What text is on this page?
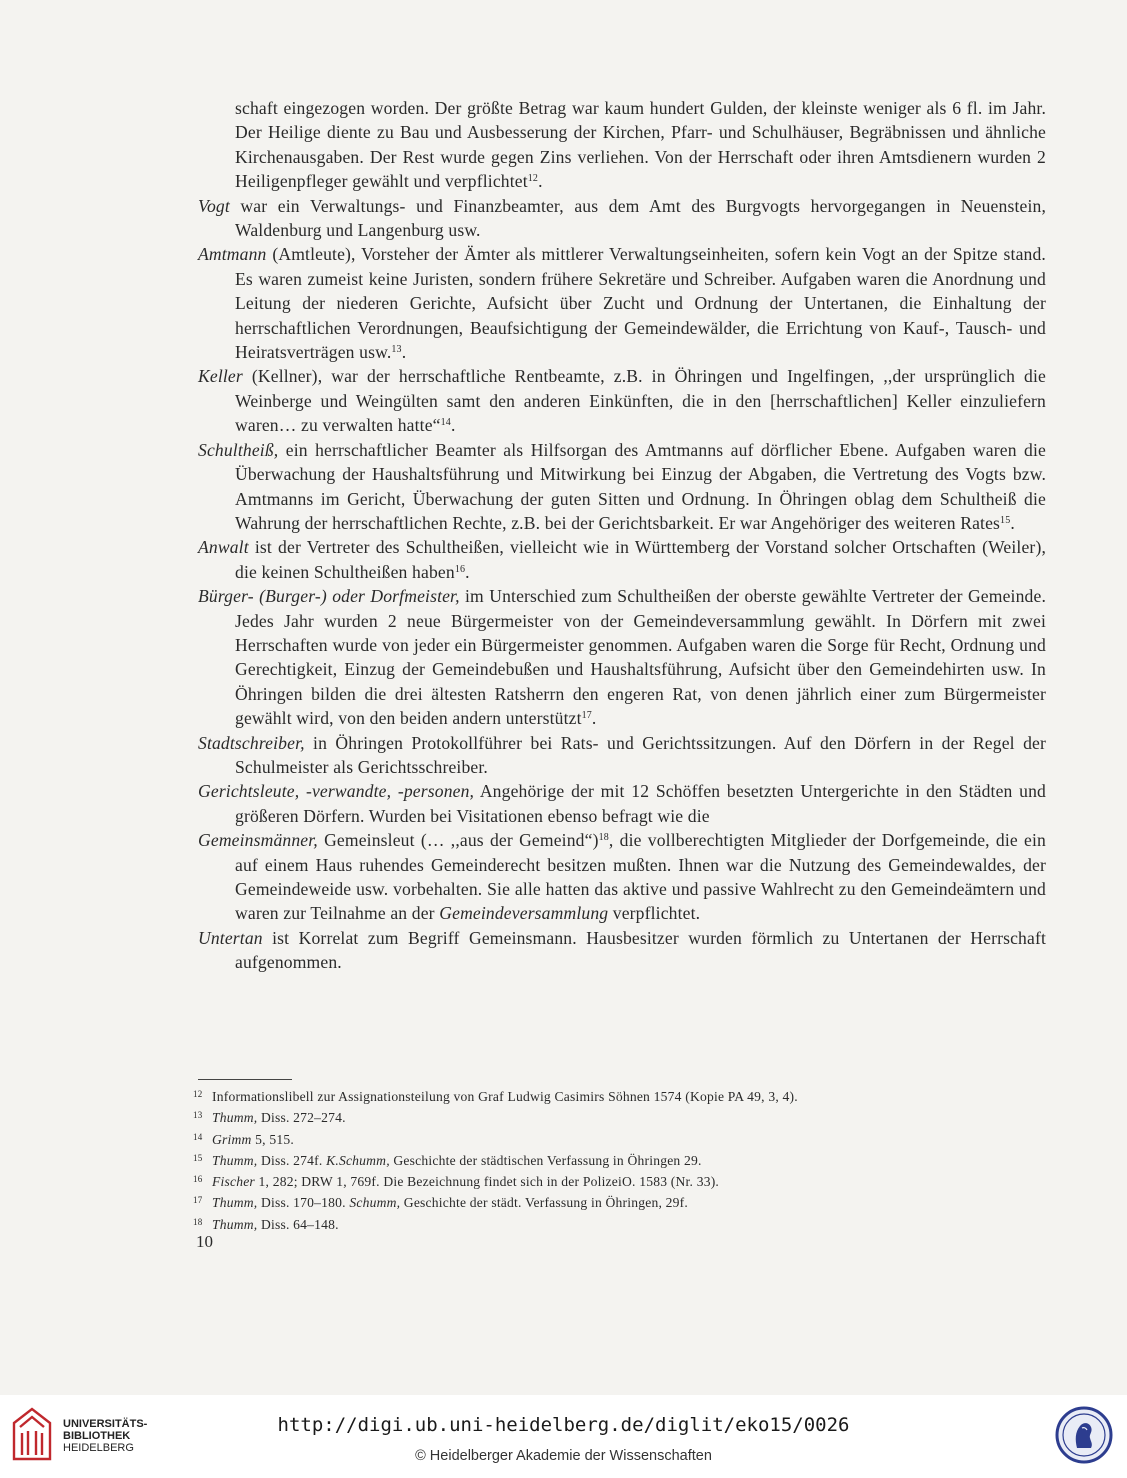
schaft eingezogen worden. Der größte Betrag war kaum hundert Gulden, der kleinste weniger als 6 fl. im Jahr. Der Heilige diente zu Bau und Ausbesserung der Kirchen, Pfarr- und Schulhäuser, Begräbnissen und ähnliche Kirchenausgaben. Der Rest wurde gegen Zins verliehen. Von der Herrschaft oder ihren Amtsdienern wurden 2 Heiligenpfleger gewählt und verpflichtet$^{12}$.

Vogt war ein Verwaltungs- und Finanzbeamter, aus dem Amt des Burgvogts hervorgegangen in Neuenstein, Waldenburg und Langenburg usw.

Amtmann (Amtleute), Vorsteher der Ämter als mittlerer Verwaltungseinheiten, sofern kein Vogt an der Spitze stand. Es waren zumeist keine Juristen, sondern frühere Sekretäre und Schreiber. Aufgaben waren die Anordnung und Leitung der niederen Gerichte, Aufsicht über Zucht und Ordnung der Untertanen, die Einhaltung der herrschaftlichen Verordnungen, Beaufsichtigung der Gemeindewälder, die Errichtung von Kauf-, Tausch- und Heiratsverträgen usw.$^{13}$.

Keller (Kellner), war der herrschaftliche Rentbeamte, z.B. in Öhringen und Ingelfingen, ,,der ursprünglich die Weinberge und Weingülten samt den anderen Einkünften, die in den [herrschaftlichen] Keller einzuliefern waren… zu verwalten hatte“$^{14}$.

Schultheiß, ein herrschaftlicher Beamter als Hilfsorgan des Amtmanns auf dörflicher Ebene. Aufgaben waren die Überwachung der Haushaltsführung und Mitwirkung bei Einzug der Abgaben, die Vertretung des Vogts bzw. Amtmanns im Gericht, Überwachung der guten Sitten und Ordnung. In Öhringen oblag dem Schultheiß die Wahrung der herrschaftlichen Rechte, z.B. bei der Gerichtsbarkeit. Er war Angehöriger des weiteren Rates$^{15}$.

Anwalt ist der Vertreter des Schultheißen, vielleicht wie in Württemberg der Vorstand solcher Ortschaften (Weiler), die keinen Schultheißen haben$^{16}$.

Bürger- (Burger-) oder Dorfmeister, im Unterschied zum Schultheißen der oberste gewählte Vertreter der Gemeinde. Jedes Jahr wurden 2 neue Bürgermeister von der Gemeindeversammlung gewählt. In Dörfern mit zwei Herrschaften wurde von jeder ein Bürgermeister genommen. Aufgaben waren die Sorge für Recht, Ordnung und Gerechtigkeit, Einzug der Gemeindebußen und Haushaltsführung, Aufsicht über den Gemeindehirten usw. In Öhringen bilden die drei ältesten Ratsherrn den engeren Rat, von denen jährlich einer zum Bürgermeister gewählt wird, von den beiden andern unterstützt$^{17}$.

Stadtschreiber, in Öhringen Protokollführer bei Rats- und Gerichtssitzungen. Auf den Dörfern in der Regel der Schulmeister als Gerichtsschreiber.

Gerichtsleute, -verwandte, -personen, Angehörige der mit 12 Schöffen besetzten Untergerichte in den Städten und größeren Dörfern. Wurden bei Visitationen ebenso befragt wie die

Gemeinsmänner, Gemeinsleut (… ,,aus der Gemeind“)$^{18}$, die vollberechtigten Mitglieder der Dorfgemeinde, die ein auf einem Haus ruhendes Gemeinderecht besitzen mußten. Ihnen war die Nutzung des Gemeindewaldes, der Gemeindeweide usw. vorbehalten. Sie alle hatten das aktive und passive Wahlrecht zu den Gemeindeämtern und waren zur Teilnahme an der Gemeindeversammlung verpflichtet.

Untertan ist Korrelat zum Begriff Gemeinsmann. Hausbesitzer wurden förmlich zu Untertanen der Herrschaft aufgenommen.

12 Informationslibell zur Assignationsteilung von Graf Ludwig Casimirs Söhnen 1574 (Kopie PA 49, 3, 4).

13 Thumm, Diss. 272–274.

14 Grimm 5, 515.

15 Thumm, Diss. 274f. K.Schumm, Geschichte der städtischen Verfassung in Öhringen 29.

16 Fischer 1, 282; DRW 1, 769f. Die Bezeichnung findet sich in der PolizeiO. 1583 (Nr. 33).

17 Thumm, Diss. 170–180. Schumm, Geschichte der städt. Verfassung in Öhringen, 29f.

18 Thumm, Diss. 64–148.

10
UNIVERSITÄTS-
BIBLIOTHEK
HEIDELBERG
http://digi.ub.uni-heidelberg.de/diglit/eko15/0026
© Heidelberger Akademie der Wissenschaften
